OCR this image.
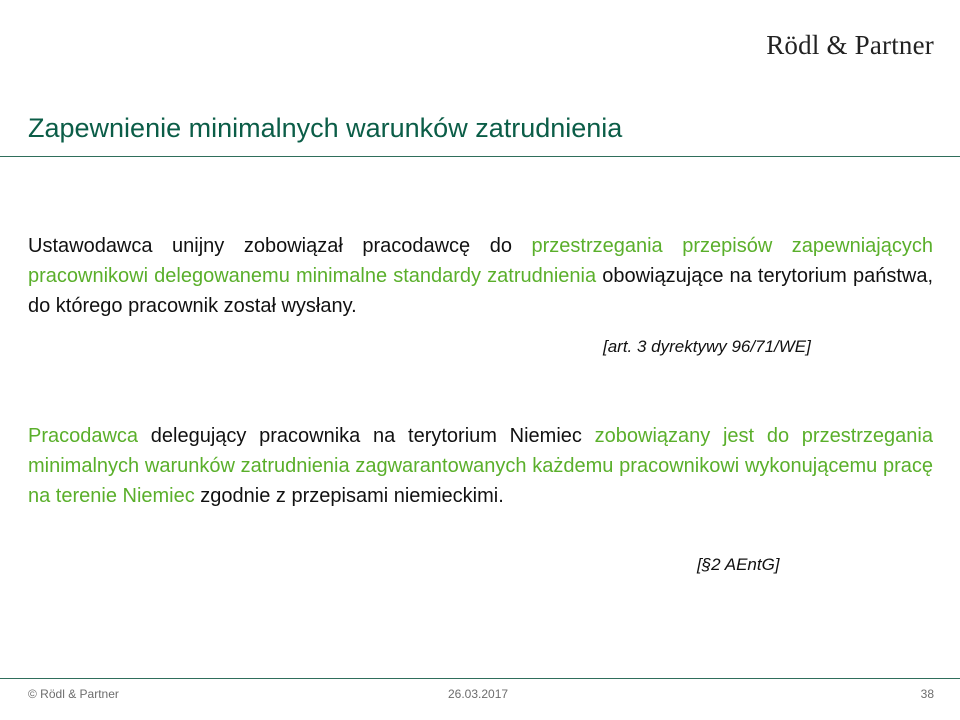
Rödl & Partner
Zapewnienie minimalnych warunków zatrudnienia

Ustawodawca unijny zobowiązał pracodawcę do przestrzegania przepisów zapewniających pracownikowi delegowanemu minimalne standardy zatrudnienia obowiązujące na terytorium państwa, do którego pracownik został wysłany.

[art. 3 dyrektywy 96/71/WE]

Pracodawca delegujący pracownika na terytorium Niemiec zobowiązany jest do przestrzegania minimalnych warunków zatrudnienia zagwarantowanych każdemu pracownikowi wykonującemu pracę na terenie Niemiec zgodnie z przepisami niemieckimi.

[§2 AEntG]
© Rödl & Partner	26.03.2017	38
